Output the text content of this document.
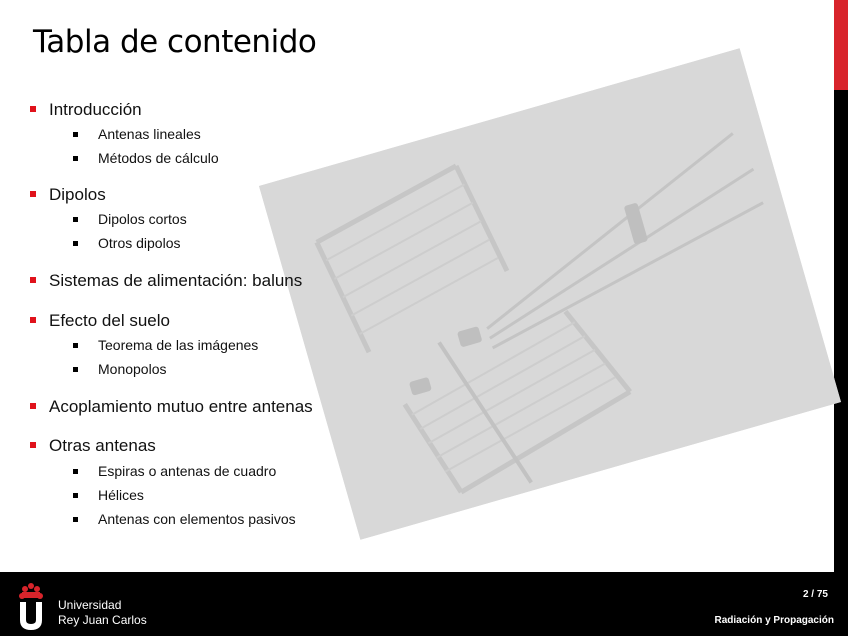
Tabla de contenido
Introducción
Antenas lineales
Métodos de cálculo
Dipolos
Dipolos cortos
Otros dipolos
Sistemas de alimentación: baluns
Efecto del suelo
Teorema de las imágenes
Monopolos
Acoplamiento mutuo entre antenas
Otras antenas
Espiras o antenas de cuadro
Hélices
Antenas con elementos pasivos
Universidad
Rey Juan Carlos
2 / 75
Radiación y Propagación
